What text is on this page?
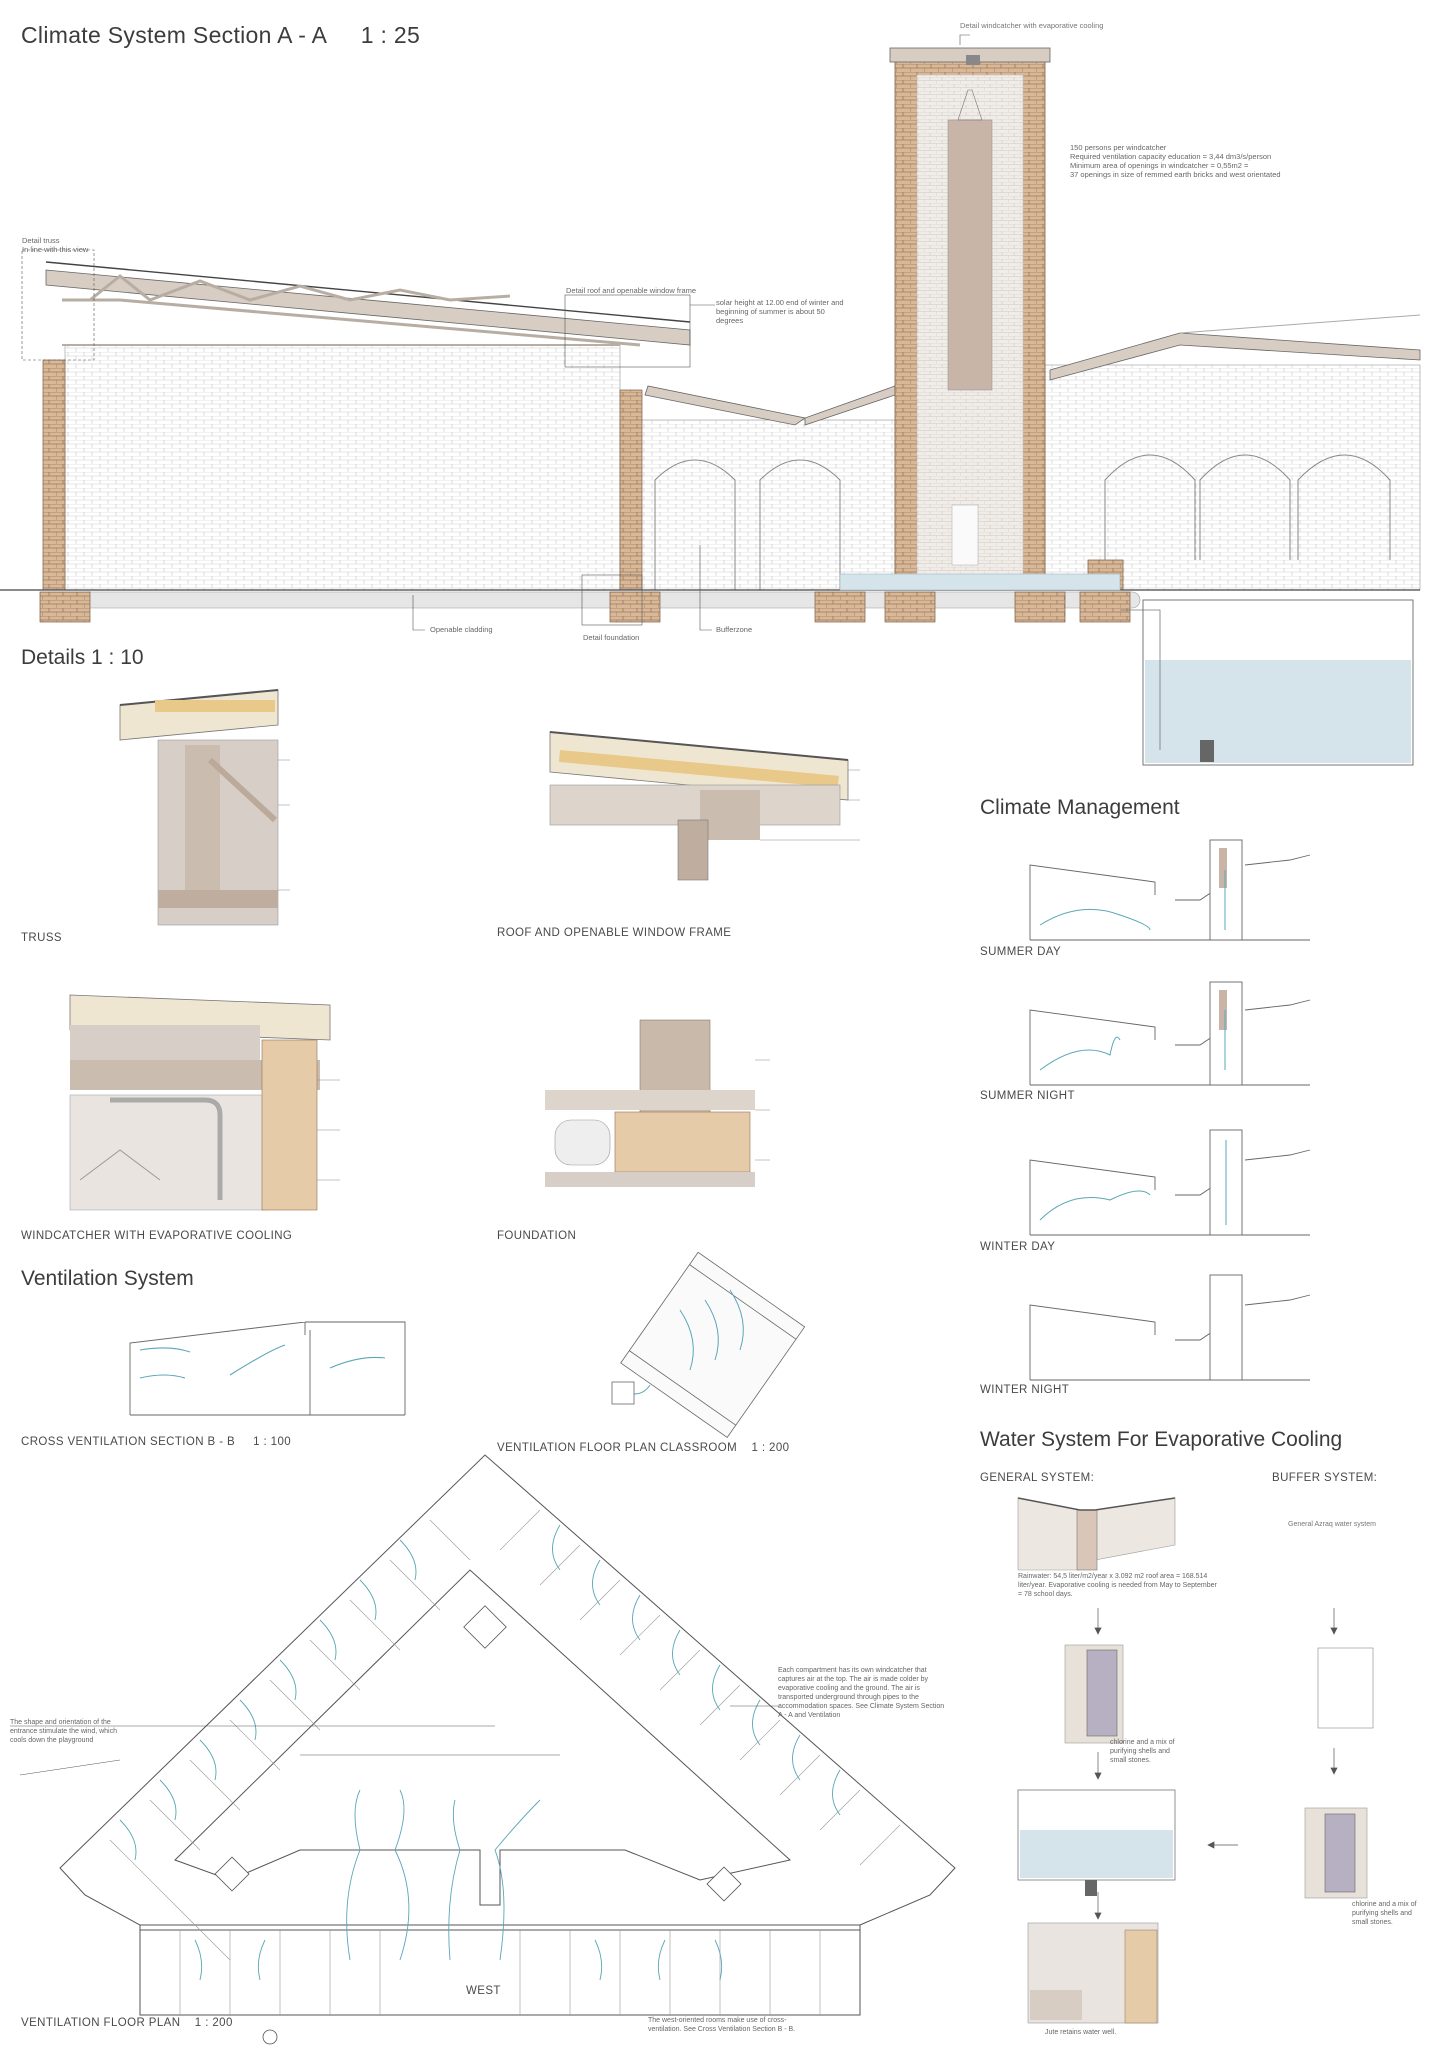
Climate System Section A - A 1 : 25
Details 1 : 10
Climate Management
Ventilation System
Water System For Evaporative Cooling
Detail windcatcher with evaporative cooling
150 persons per windcatcher
Required ventilation capacity education = 3,44 dm3/s/person
Minimum area of openings in windcatcher = 0,55m2 =
37 openings in size of remmed earth bricks and west orientated
Detail truss
In line with this view
Detail roof and openable window frame
solar height at 12.00 end of winter and
beginning of summer is about 50
degrees
Openable cladding
Detail foundation
Bufferzone

TRUSS	ROOF AND OPENABLE WINDOW FRAME
WINDCATCHER WITH EVAPORATIVE COOLING	FOUNDATION
SUMMER DAY
SUMMER NIGHT
WINTER DAY
WINTER NIGHT
CROSS VENTILATION SECTION B - B 1 : 100	VENTILATION FLOOR PLAN CLASSROOM 1 : 200
The shape and orientation of the entrance stimulate the wind, which cools down the playground
Each compartment has its own windcatcher that captures air at the top. The air is made colder by evaporative cooling and the ground. The air is transported underground through pipes to the accommodation spaces. See Climate System Section A - A and Ventilation
The west-oriented rooms make use of cross-ventilation. See Cross Ventilation Section B - B.
WEST
VENTILATION FLOOR PLAN 1 : 200
GENERAL SYSTEM:	BUFFER SYSTEM:
General Azraq water system
Rainwater: 54,5 liter/m2/year x 3.092 m2 roof area = 168.514 liter/year. Evaporative cooling is needed from May to September = 78 school days.
chlorine and a mix of purifying shells and small stones.
chlorine and a mix of purifying shells and small stones.
Jute retains water well.
